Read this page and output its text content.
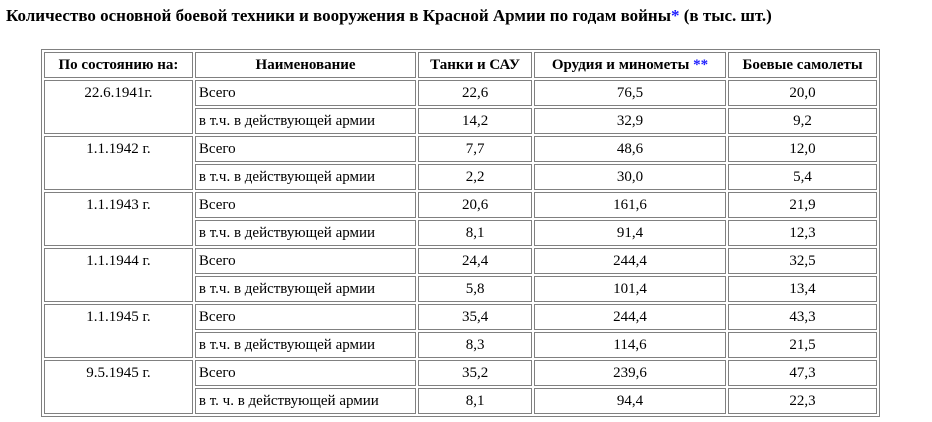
Количество основной боевой техники и вооружения в Красной Армии по годам войны* (в тыс. шт.)
По состоянию на:	Наименование	Танки и САУ	Орудия и минометы **	Боевые самолеты
22.6.1941г.	Всего	22,6	76,5	20,0
	в т.ч. в действующей армии	14,2	32,9	9,2
1.1.1942 г.	Всего	7,7	48,6	12,0
	в т.ч. в действующей армии	2,2	30,0	5,4
1.1.1943 г.	Всего	20,6	161,6	21,9
	в т.ч. в действующей армии	8,1	91,4	12,3
1.1.1944 г.	Всего	24,4	244,4	32,5
	в т.ч. в действующей армии	5,8	101,4	13,4
1.1.1945 г.	Всего	35,4	244,4	43,3
	в т.ч. в действующей армии	8,3	114,6	21,5
9.5.1945 г.	Всего	35,2	239,6	47,3
	в т. ч. в действующей армии	8,1	94,4	22,3
